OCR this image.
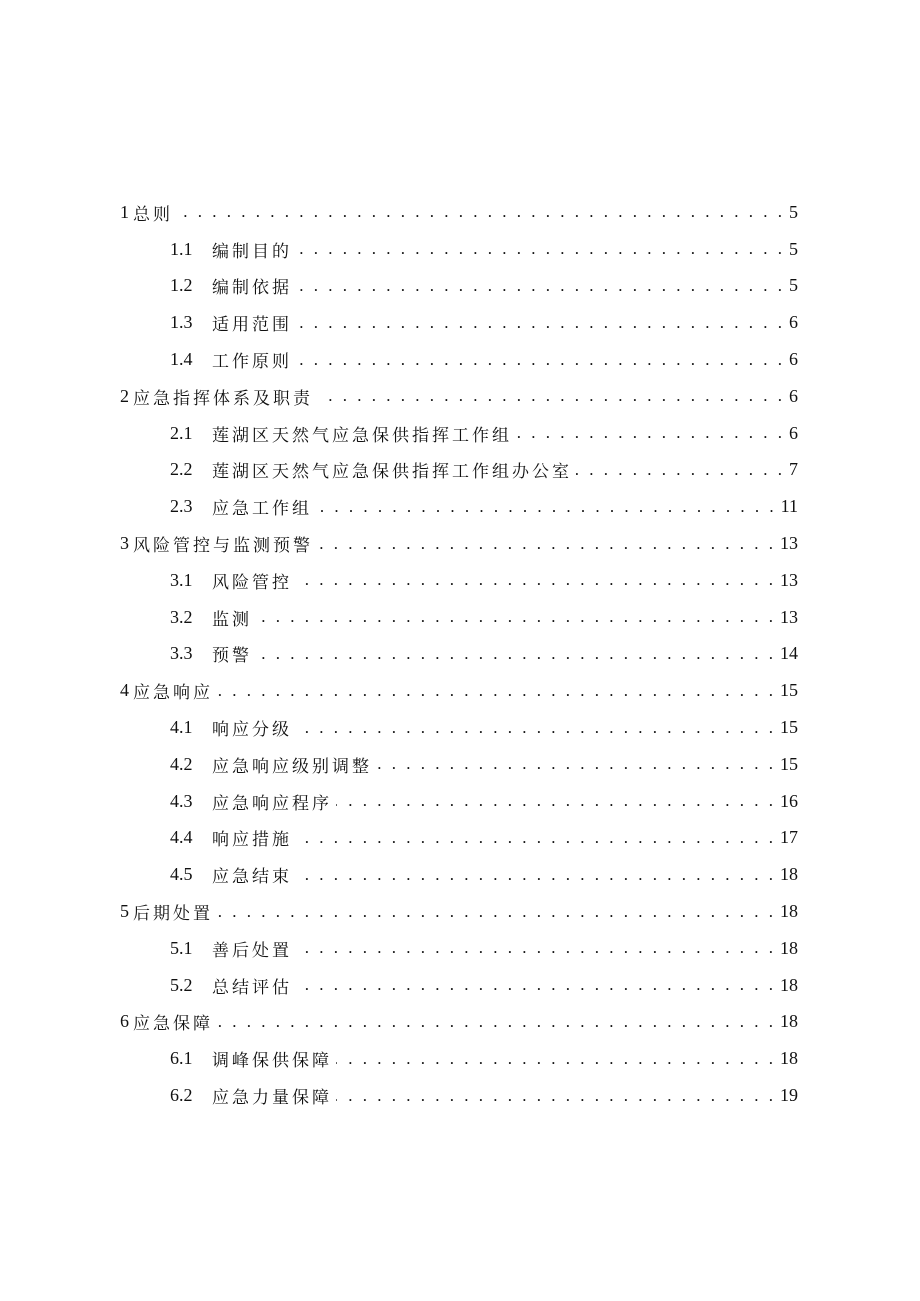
1 总则 . . .	5
1.1	编制目的 . . .	5
1.2	编制依据 . . .	5
1.3	适用范围 . . .	6
1.4	工作原则 . . .	6
2 应急指挥体系及职责 . . .	6
2.1	莲湖区天然气应急保供指挥工作组 . . .	6
2.2	莲湖区天然气应急保供指挥工作组办公室 . . .	7
2.3	应急工作组 . . .	11
3 风险管控与监测预警 . . .	13
3.1	风险管控 . . .	13
3.2	监测 . . .	13
3.3	预警 . . .	14
4 应急响应 . . .	15
4.1	响应分级 . . .	15
4.2	应急响应级别调整 . . .	15
4.3	应急响应程序 . . .	16
4.4	响应措施 . . .	17
4.5	应急结束 . . .	18
5 后期处置 . . .	18
5.1	善后处置 . . .	18
5.2	总结评估 . . .	18
6 应急保障 . . .	18
6.1	调峰保供保障 . . .	18
6.2	应急力量保障 . . .	19
